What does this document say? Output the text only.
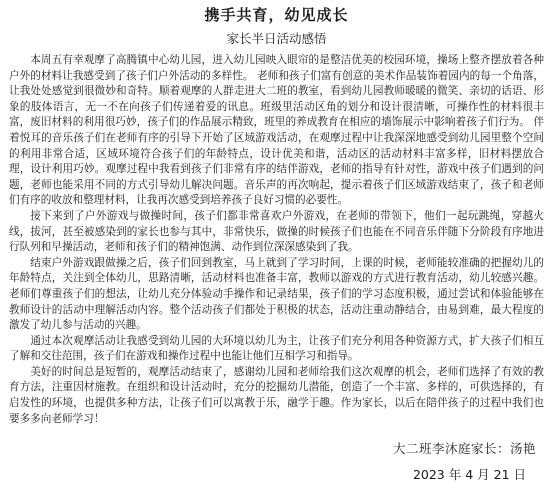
携手共育，幼见成长
家长半日活动感悟

本周五有幸观摩了高腾镇中心幼儿园，进入幼儿园映入眼帘的是整洁优美的校园环境，操场上整齐摆放着各种户外的材料让我感受到了孩子们户外活动的多样性。 老师和孩子们富有创意的美术作品装饰着园内的每一个角落，让我处处感觉到很微妙和奇特。顺着观摩的人群走进大二班的教室，看到幼儿园教师暖暖的微笑、亲切的话语、形象的肢体语言，无一不在向孩子们传递着爱的讯息。班级里活动区角的划分和设计很清晰，可操作性的材料很丰富，废旧材料的利用很巧妙，孩子们的作品展示精致，班里的养成教育在相应的墙饰展示中影响着孩子们行为。 伴着悦耳的音乐孩子们在老师有序的引导下开始了区域游戏活动，在观摩过程中让我深深地感受到幼儿园里整个空间的利用非常合适，区域环境符合孩子们的年龄特点，设计优美和谐，活动区的活动材料丰富多样，旧材料摆放合理，设计利用巧妙。观摩过程中我看到孩子们非常有序的结伴游戏，老师的指导有针对性，游戏中孩子们遇到的问题，老师也能采用不同的方式引导幼儿解决问题。音乐声的再次响起，提示着孩子们区域游戏结束了，孩子和老师们有序的收放和整理材料，让我再次感受到培养孩子良好习惯的必要性。

接下来到了户外游戏与做操时间，孩子们都非常喜欢户外游戏，在老师的带领下，他们一起玩跳绳，穿越火线，拔河，甚至被感染到的家长也参与其中，非常快乐，做操的时候孩子们也能在不同音乐伴随下分阶段有序地进行队列和早操活动，老师和孩子们的精神饱满、动作到位深深感染到了我。

结束户外游戏跟做操之后，孩子们回到教室，马上就到了学习时间，上课的时候，老师能较准确的把握幼儿的年龄特点，关注到全体幼儿，思路清晰，活动材料也准备丰富，教师以游戏的方式进行教育活动，幼儿较感兴趣。老师们尊重孩子们的想法，让幼儿充分体验动手操作和记录结果，孩子们的学习态度积极，通过尝试和体验能够在教师设计的活动中理解活动内容。整个活动孩子们都处于积极的状态，活动注重动静结合，由易到难，最大程度的激发了幼儿参与活动的兴趣。

通过本次观摩活动让我感受到幼儿园的大环境以幼儿为主，让孩子们充分利用各种资源方式，扩大孩子们相互了解和交往范围，孩子们在游戏和操作过程中也能让他们互相学习和指导。

美好的时间总是短暂的，观摩活动结束了，感谢幼儿园和老师给我们这次观摩的机会，老师们选择了有效的教育方法，注重因材施教。在组织和设计活动时，充分的挖掘幼儿潜能，创造了一个丰富、多样的，可供选择的，有启发性的环境，也提供多种方法，让孩子们可以寓教于乐，融学于趣。作为家长，以后在陪伴孩子的过程中我们也要多多向老师学习！

大二班李沐庭家长：汤艳
2023 年 4 月 21 日
